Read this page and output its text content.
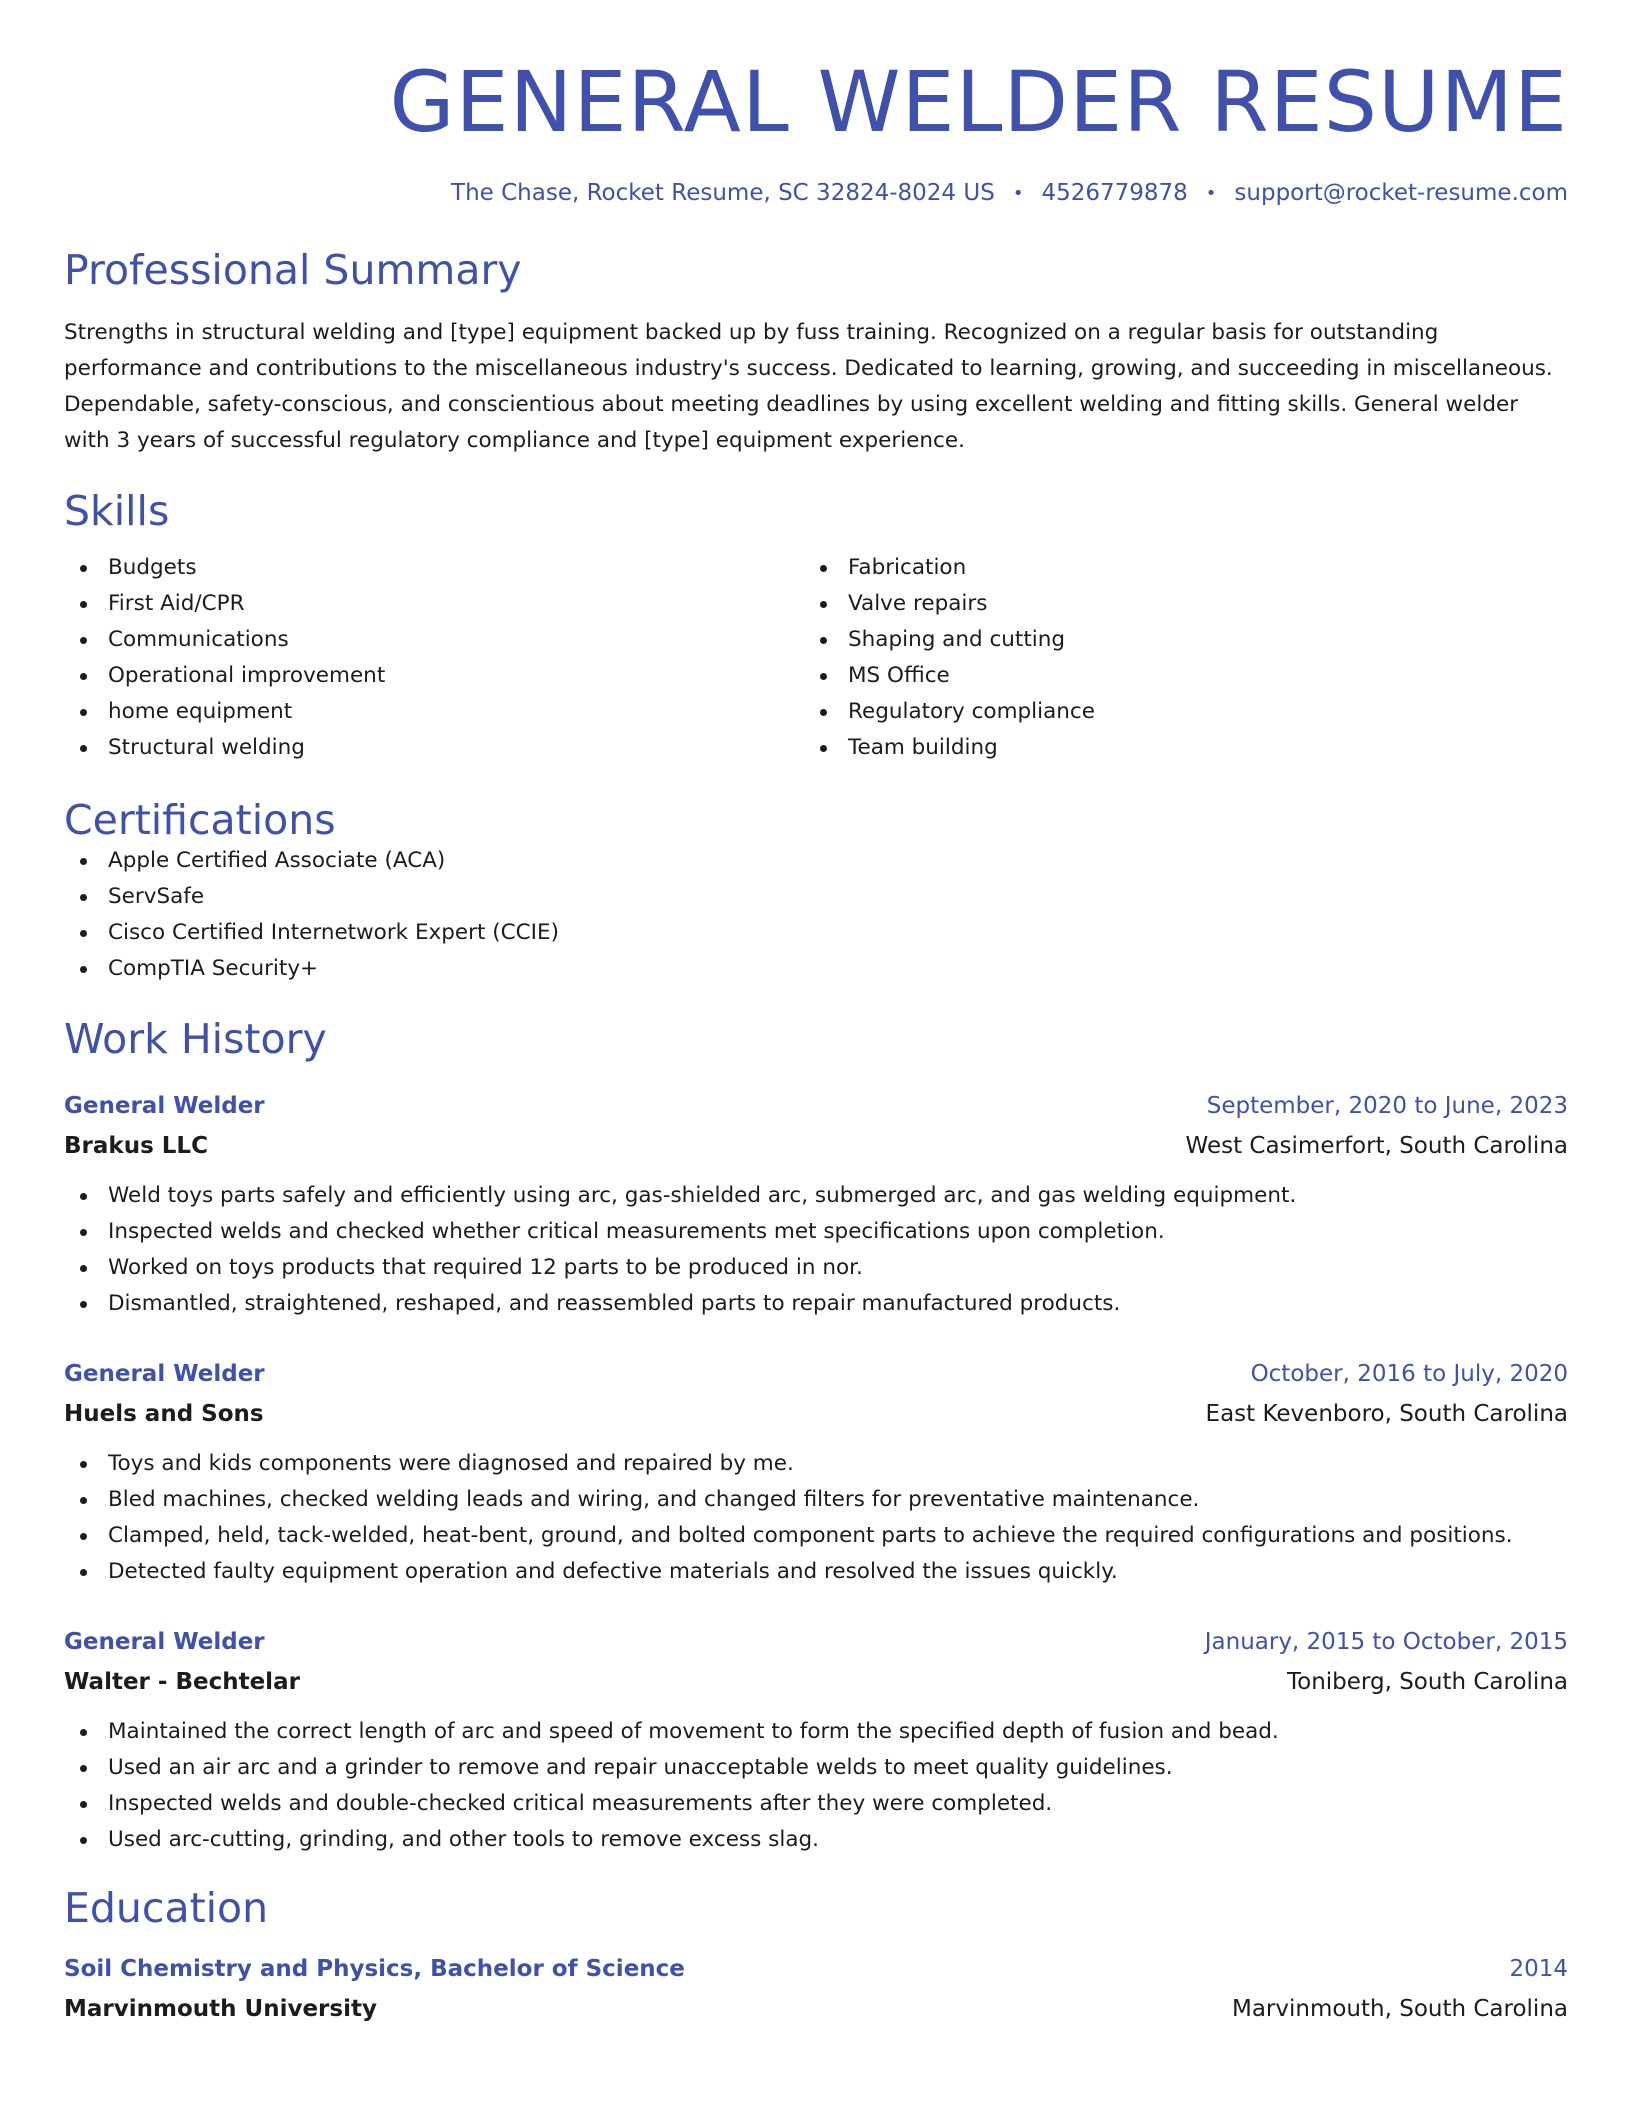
GENERAL WELDER RESUME
The Chase, Rocket Resume, SC 32824-8024 US • 4526779878 • support@rocket-resume.com
Professional Summary
Strengths in structural welding and [type] equipment backed up by fuss training. Recognized on a regular basis for outstanding performance and contributions to the miscellaneous industry's success. Dedicated to learning, growing, and succeeding in miscellaneous. Dependable, safety-conscious, and conscientious about meeting deadlines by using excellent welding and fitting skills. General welder with 3 years of successful regulatory compliance and [type] equipment experience.
Skills
Budgets
First Aid/CPR
Communications
Operational improvement
home equipment
Structural welding
Fabrication
Valve repairs
Shaping and cutting
MS Office
Regulatory compliance
Team building
Certifications
Apple Certified Associate (ACA)
ServSafe
Cisco Certified Internetwork Expert (CCIE)
CompTIA Security+
Work History
General Welder	September, 2020 to June, 2023
Brakus LLC	West Casimerfort, South Carolina
Weld toys parts safely and efficiently using arc, gas-shielded arc, submerged arc, and gas welding equipment.
Inspected welds and checked whether critical measurements met specifications upon completion.
Worked on toys products that required 12 parts to be produced in nor.
Dismantled, straightened, reshaped, and reassembled parts to repair manufactured products.
General Welder	October, 2016 to July, 2020
Huels and Sons	East Kevenboro, South Carolina
Toys and kids components were diagnosed and repaired by me.
Bled machines, checked welding leads and wiring, and changed filters for preventative maintenance.
Clamped, held, tack-welded, heat-bent, ground, and bolted component parts to achieve the required configurations and positions.
Detected faulty equipment operation and defective materials and resolved the issues quickly.
General Welder	January, 2015 to October, 2015
Walter - Bechtelar	Toniberg, South Carolina
Maintained the correct length of arc and speed of movement to form the specified depth of fusion and bead.
Used an air arc and a grinder to remove and repair unacceptable welds to meet quality guidelines.
Inspected welds and double-checked critical measurements after they were completed.
Used arc-cutting, grinding, and other tools to remove excess slag.
Education
Soil Chemistry and Physics, Bachelor of Science	2014
Marvinmouth University	Marvinmouth, South Carolina
